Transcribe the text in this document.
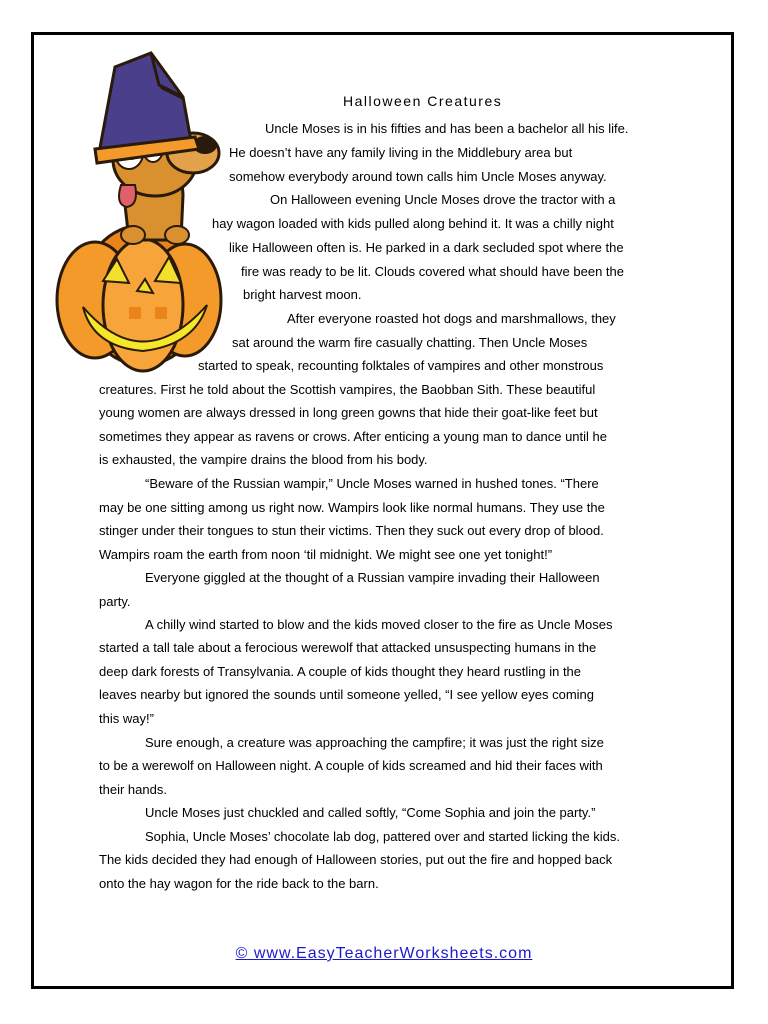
Halloween Creatures
Uncle Moses is in his fifties and has been a bachelor all his life.
He doesn’t have any family living in the Middlebury area but
somehow everybody around town calls him Uncle Moses anyway.
On Halloween evening Uncle Moses drove the tractor with a
hay wagon loaded with kids pulled along behind it. It was a chilly night
like Halloween often is. He parked in a dark secluded spot where the
fire was ready to be lit. Clouds covered what should have been the
bright harvest moon.
After everyone roasted hot dogs and marshmallows, they
sat around the warm fire casually chatting. Then Uncle Moses
started to speak, recounting folktales of vampires and other monstrous
creatures. First he told about the Scottish vampires, the Baobban Sith. These beautiful
young women are always dressed in long green gowns that hide their goat-like feet but
sometimes they appear as ravens or crows. After enticing a young man to dance until he
is exhausted, the vampire drains the blood from his body.
“Beware of the Russian wampir,” Uncle Moses warned in hushed tones. “There
may be one sitting among us right now. Wampirs look like normal humans. They use the
stinger under their tongues to stun their victims. Then they suck out every drop of blood.
Wampirs roam the earth from noon ‘til midnight. We might see one yet tonight!”
Everyone giggled at the thought of a Russian vampire invading their Halloween
party.
A chilly wind started to blow and the kids moved closer to the fire as Uncle Moses
started a tall tale about a ferocious werewolf that attacked unsuspecting humans in the
deep dark forests of Transylvania. A couple of kids thought they heard rustling in the
leaves nearby but ignored the sounds until someone yelled, “I see yellow eyes coming
this way!”
Sure enough, a creature was approaching the campfire; it was just the right size
to be a werewolf on Halloween night. A couple of kids screamed and hid their faces with
their hands.
Uncle Moses just chuckled and called softly, “Come Sophia and join the party.”
Sophia, Uncle Moses’ chocolate lab dog, pattered over and started licking the kids.
The kids decided they had enough of Halloween stories, put out the fire and hopped back
onto the hay wagon for the ride back to the barn.
© www.EasyTeacherWorksheets.com
